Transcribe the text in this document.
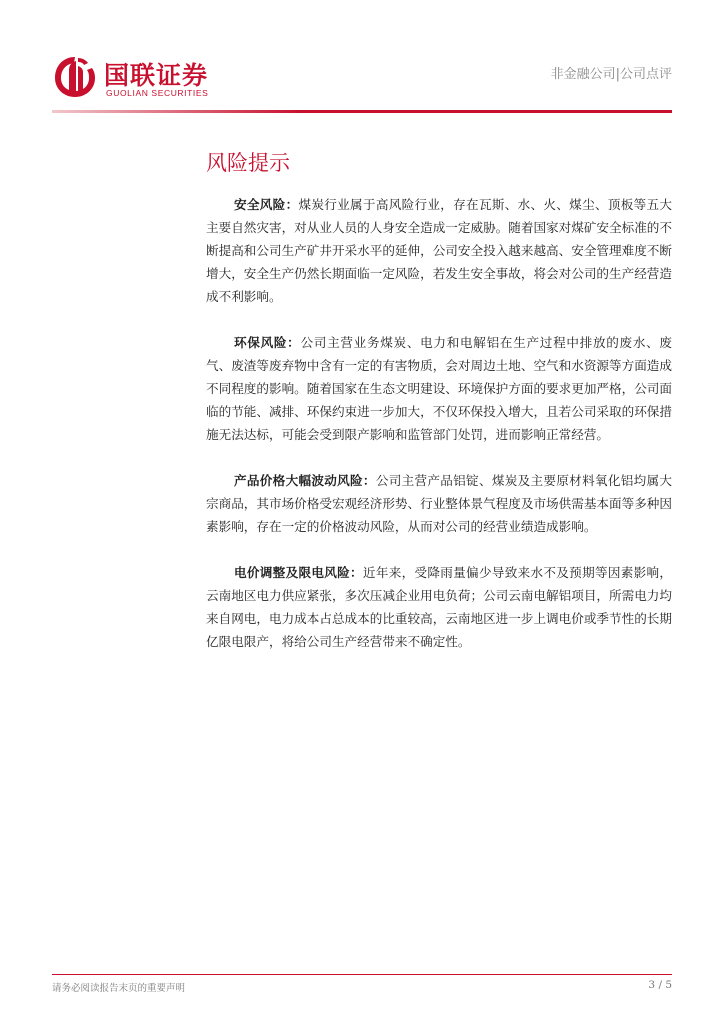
国联证券
GUOLIAN SECURITIES
非金融公司|公司点评
风险提示

安全风险：煤炭行业属于高风险行业，存在瓦斯、水、火、煤尘、顶板等五大主要自然灾害，对从业人员的人身安全造成一定威胁。随着国家对煤矿安全标准的不断提高和公司生产矿井开采水平的延伸，公司安全投入越来越高、安全管理难度不断增大，安全生产仍然长期面临一定风险，若发生安全事故，将会对公司的生产经营造成不利影响。

环保风险：公司主营业务煤炭、电力和电解铝在生产过程中排放的废水、废气、废渣等废弃物中含有一定的有害物质，会对周边土地、空气和水资源等方面造成不同程度的影响。随着国家在生态文明建设、环境保护方面的要求更加严格，公司面临的节能、减排、环保约束进一步加大，不仅环保投入增大，且若公司采取的环保措施无法达标，可能会受到限产影响和监管部门处罚，进而影响正常经营。

产品价格大幅波动风险：公司主营产品铝锭、煤炭及主要原材料氧化铝均属大宗商品，其市场价格受宏观经济形势、行业整体景气程度及市场供需基本面等多种因素影响，存在一定的价格波动风险，从而对公司的经营业绩造成影响。

电价调整及限电风险：近年来，受降雨量偏少导致来水不及预期等因素影响，云南地区电力供应紧张，多次压减企业用电负荷；公司云南电解铝项目，所需电力均来自网电，电力成本占总成本的比重较高，云南地区进一步上调电价或季节性的长期亿限电限产，将给公司生产经营带来不确定性。

请务必阅读报告末页的重要声明	3 / 5
